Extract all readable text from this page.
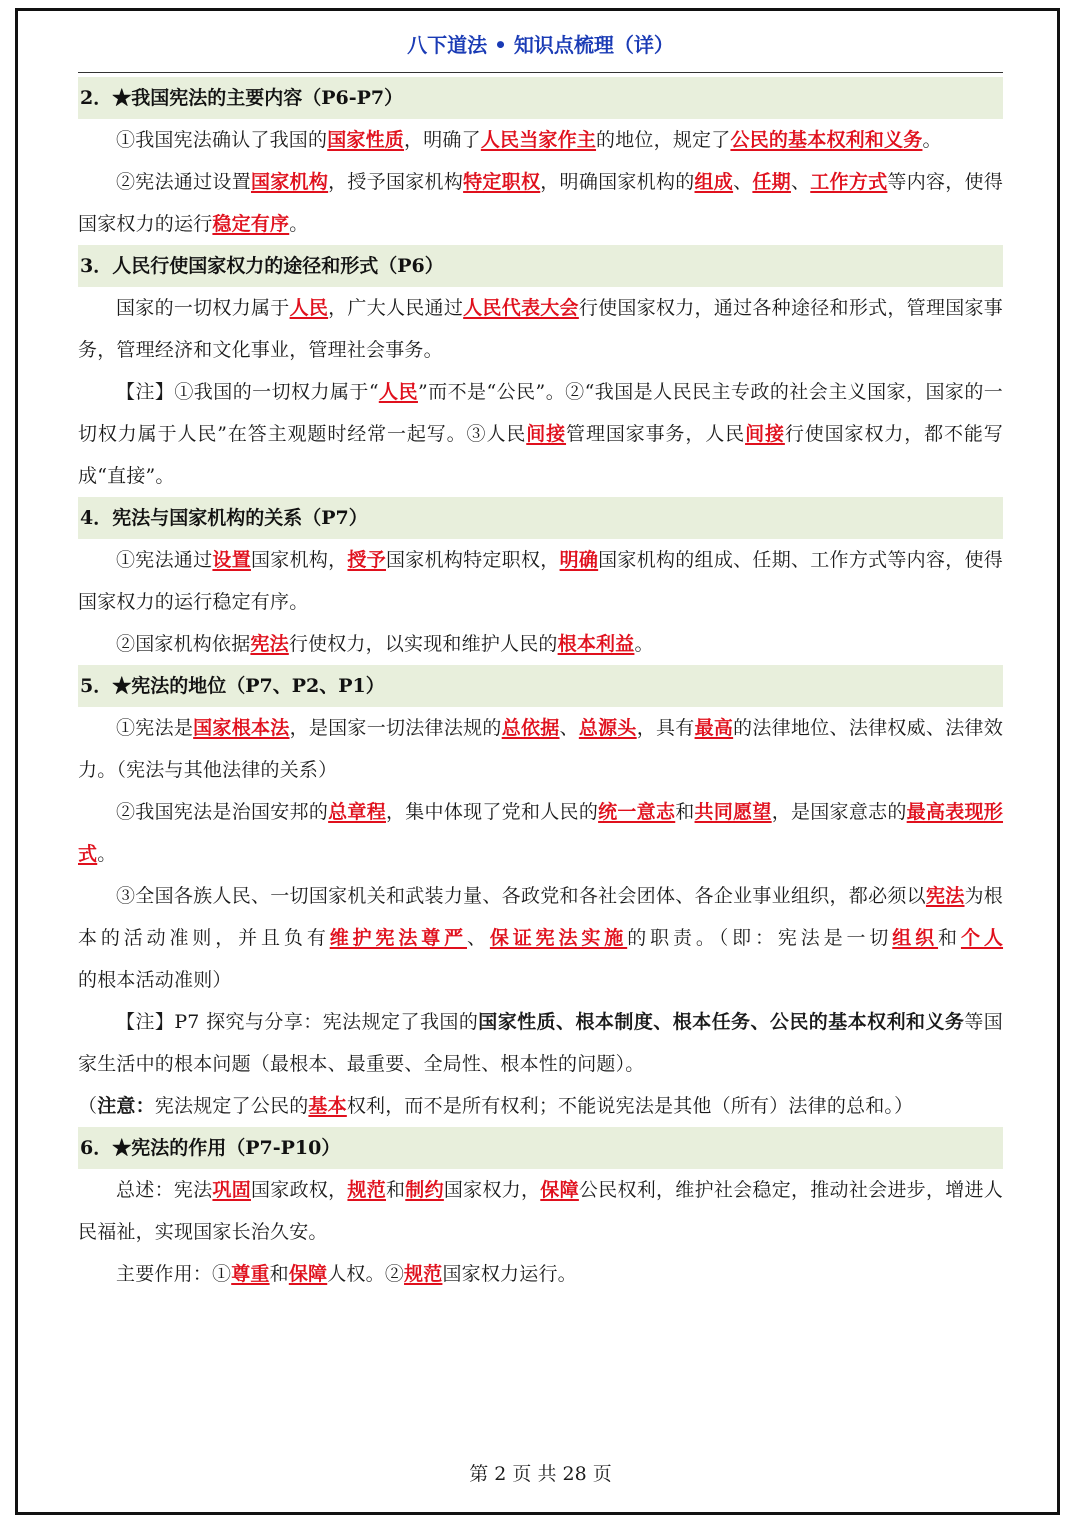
八下道法 • 知识点梳理（详）
2．★我国宪法的主要内容（P6-P7）
①我国宪法确认了我国的国家性质，明确了人民当家作主的地位，规定了公民的基本权利和义务。
②宪法通过设置国家机构，授予国家机构特定职权，明确国家机构的组成、任期、工作方式等内容，使得国家权力的运行稳定有序。
3．人民行使国家权力的途径和形式（P6）
国家的一切权力属于人民，广大人民通过人民代表大会行使国家权力，通过各种途径和形式，管理国家事务，管理经济和文化事业，管理社会事务。
【注】①我国的一切权力属于“人民”而不是“公民”。②“我国是人民民主专政的社会主义国家，国家的一切权力属于人民”在答主观题时经常一起写。③人民间接管理国家事务，人民间接行使国家权力，都不能写成“直接”。
4．宪法与国家机构的关系（P7）
①宪法通过设置国家机构，授予国家机构特定职权，明确国家机构的组成、任期、工作方式等内容，使得国家权力的运行稳定有序。
②国家机构依据宪法行使权力，以实现和维护人民的根本利益。
5．★宪法的地位（P7、P2、P1）
①宪法是国家根本法，是国家一切法律法规的总依据、总源头，具有最高的法律地位、法律权威、法律效力。（宪法与其他法律的关系）
②我国宪法是治国安邦的总章程，集中体现了党和人民的统一意志和共同愿望，是国家意志的最高表现形式。
③全国各族人民、一切国家机关和武装力量、各政党和各社会团体、各企业事业组织，都必须以宪法为根本的活动准则，并且负有维护宪法尊严、保证宪法实施的职责。（即：宪法是一切组织和个人的根本活动准则）
【注】P7 探究与分享：宪法规定了我国的国家性质、根本制度、根本任务、公民的基本权利和义务等国家生活中的根本问题（最根本、最重要、全局性、根本性的问题）。
（注意：宪法规定了公民的基本权利，而不是所有权利；不能说宪法是其他（所有）法律的总和。）
6．★宪法的作用（P7-P10）
总述：宪法巩固国家政权，规范和制约国家权力，保障公民权利，维护社会稳定，推动社会进步，增进人民福祉，实现国家长治久安。
主要作用：①尊重和保障人权。②规范国家权力运行。
第 2 页 共 28 页
